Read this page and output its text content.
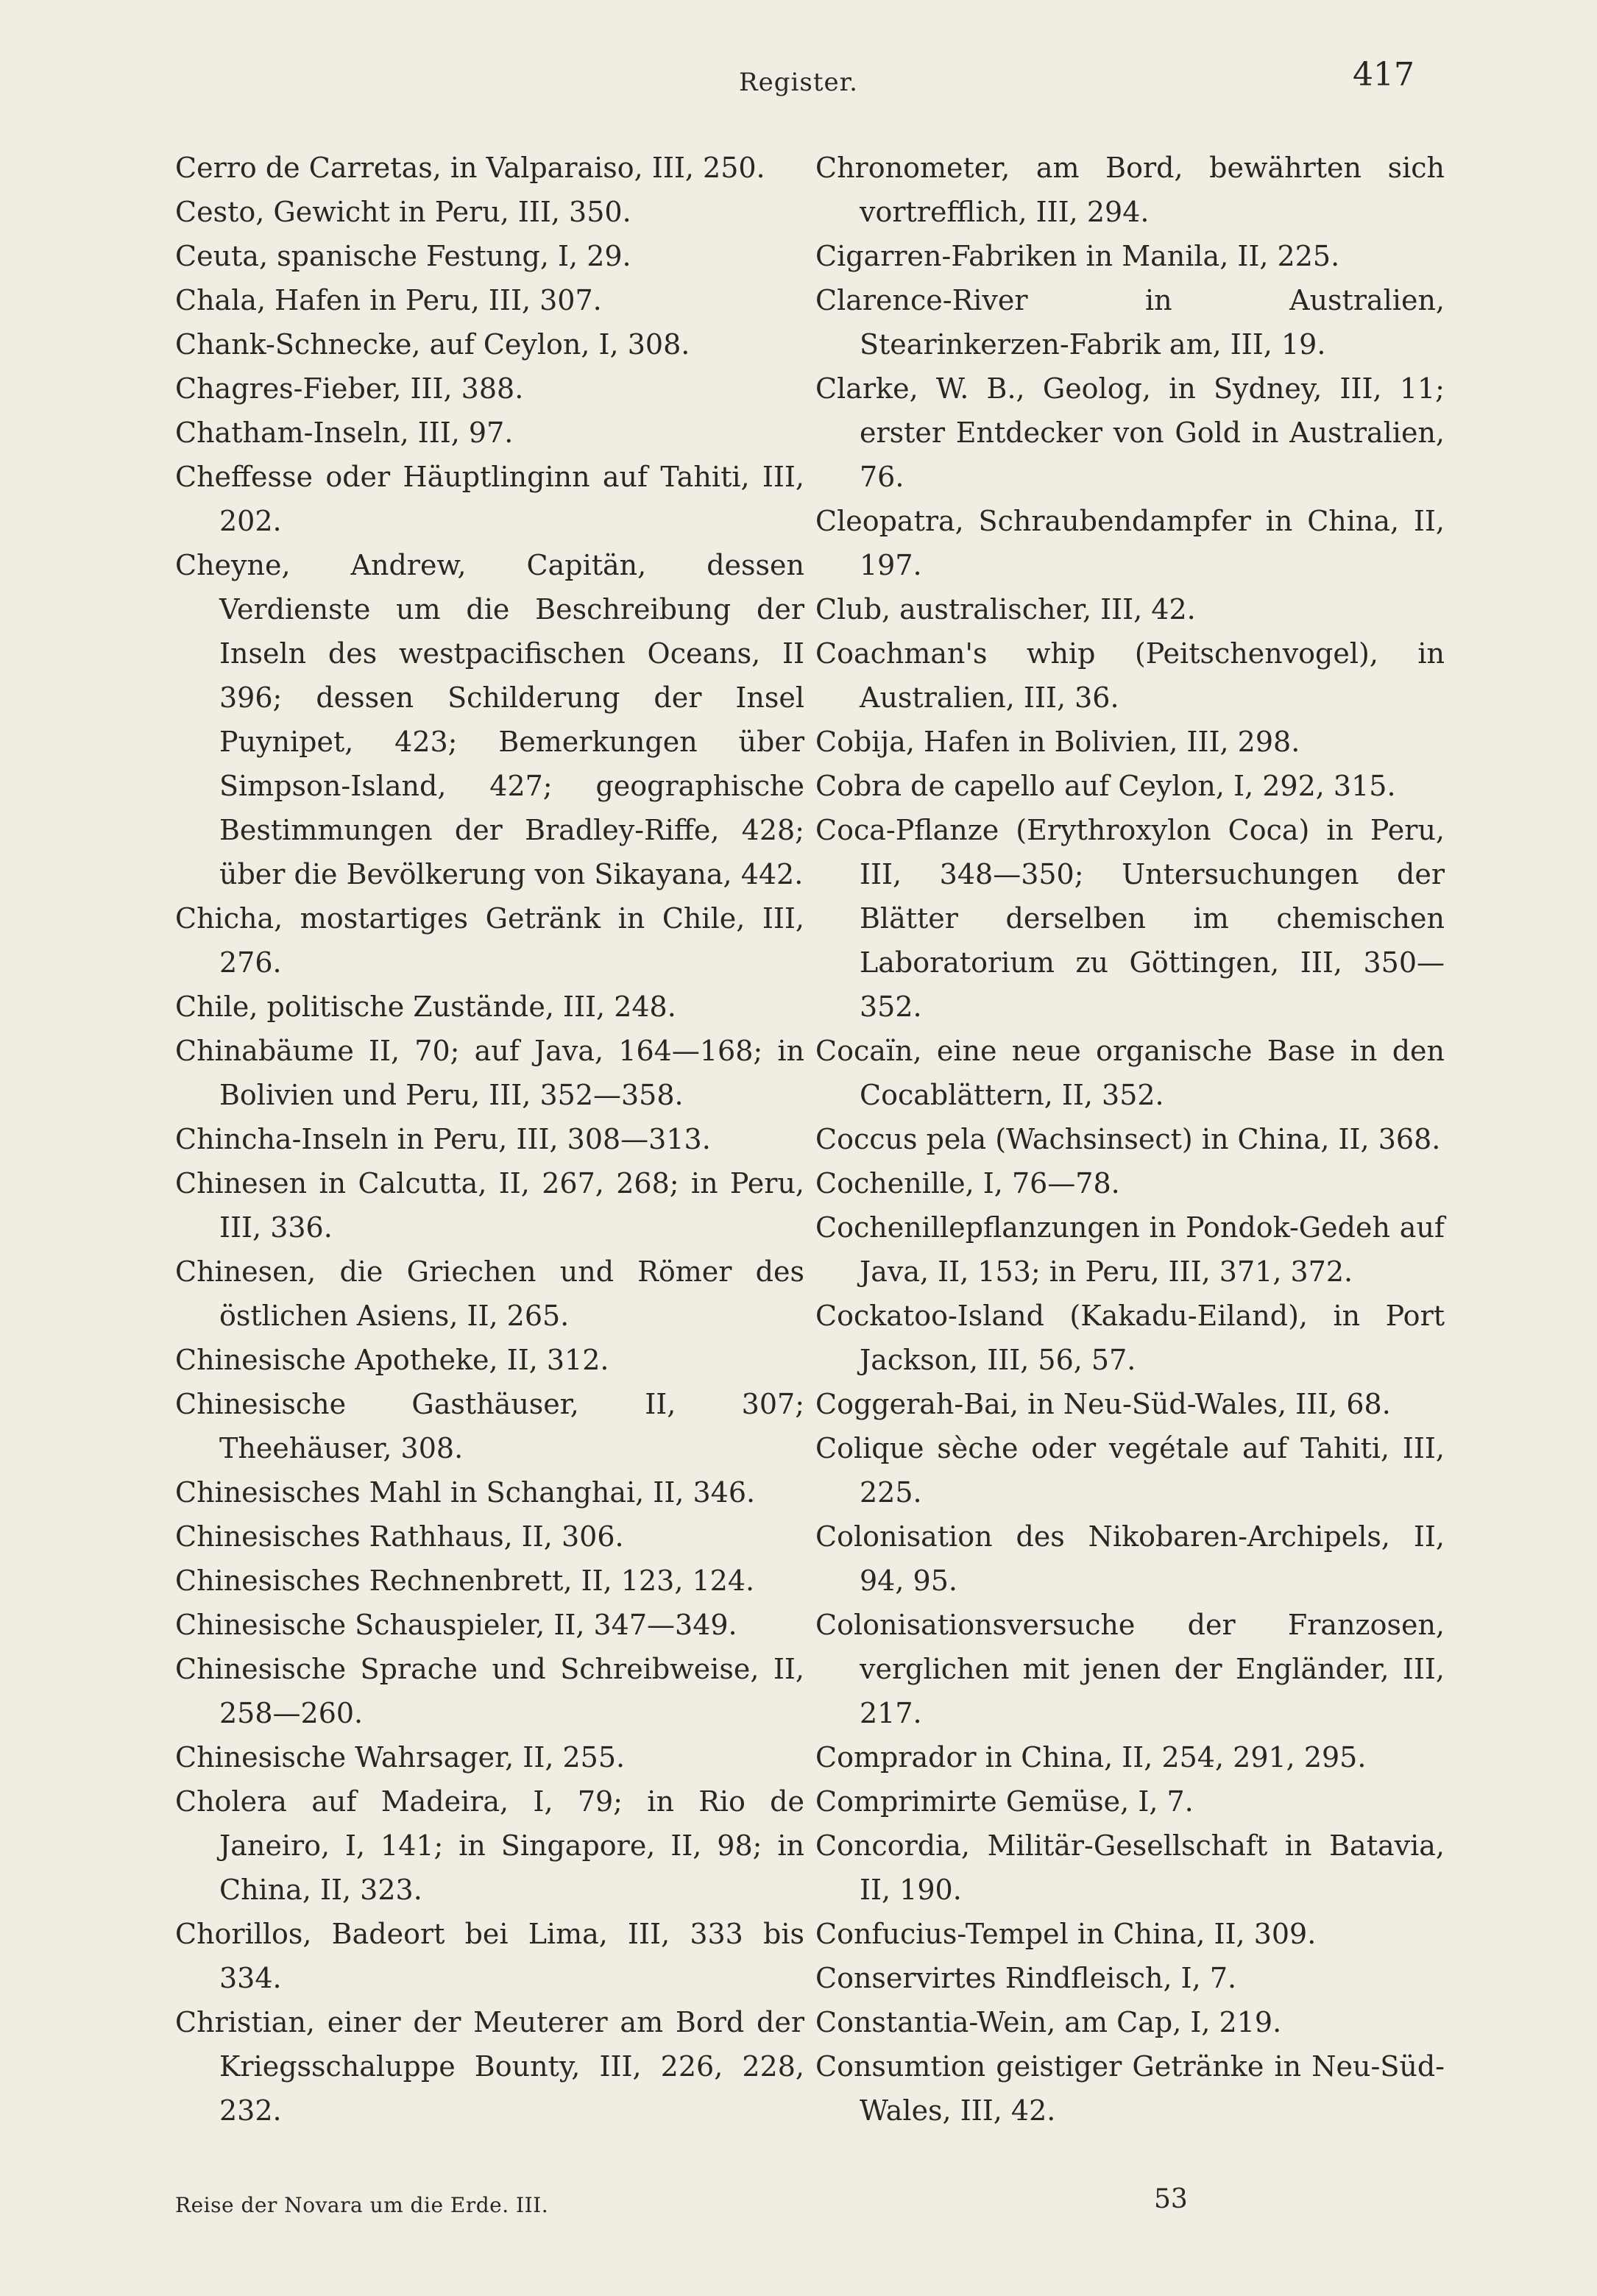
Register.	417

Cerro de Carretas, in Valparaiso, III, 250.

Cesto, Gewicht in Peru, III, 350.

Ceuta, spanische Festung, I, 29.

Chala, Hafen in Peru, III, 307.

Chank-Schnecke, auf Ceylon, I, 308.

Chagres-Fieber, III, 388.

Chatham-Inseln, III, 97.

Cheffesse oder Häuptlinginn auf Tahiti, III, 202.

Cheyne, Andrew, Capitän, dessen Verdienste um die Beschreibung der Inseln des westpacifischen Oceans, II 396; dessen Schilderung der Insel Puynipet, 423; Bemerkungen über Simpson-Island, 427; geographische Bestimmungen der Bradley-Riffe, 428; über die Bevölkerung von Sikayana, 442.

Chicha, mostartiges Getränk in Chile, III, 276.

Chile, politische Zustände, III, 248.

Chinabäume II, 70; auf Java, 164—168; in Bolivien und Peru, III, 352—358.

Chincha-Inseln in Peru, III, 308—313.

Chinesen in Calcutta, II, 267, 268; in Peru, III, 336.

Chinesen, die Griechen und Römer des östlichen Asiens, II, 265.

Chinesische Apotheke, II, 312.

Chinesische Gasthäuser, II, 307; Theehäuser, 308.

Chinesisches Mahl in Schanghai, II, 346.

Chinesisches Rathhaus, II, 306.

Chinesisches Rechnenbrett, II, 123, 124.

Chinesische Schauspieler, II, 347—349.

Chinesische Sprache und Schreibweise, II, 258—260.

Chinesische Wahrsager, II, 255.

Cholera auf Madeira, I, 79; in Rio de Janeiro, I, 141; in Singapore, II, 98; in China, II, 323.

Chorillos, Badeort bei Lima, III, 333 bis 334.

Christian, einer der Meuterer am Bord der Kriegsschaluppe Bounty, III, 226, 228, 232.

Chronometer, am Bord, bewährten sich vortrefflich, III, 294.

Cigarren-Fabriken in Manila, II, 225.

Clarence-River in Australien, Stearinkerzen-Fabrik am, III, 19.

Clarke, W. B., Geolog, in Sydney, III, 11; erster Entdecker von Gold in Australien, 76.

Cleopatra, Schraubendampfer in China, II, 197.

Club, australischer, III, 42.

Coachman's whip (Peitschenvogel), in Australien, III, 36.

Cobija, Hafen in Bolivien, III, 298.

Cobra de capello auf Ceylon, I, 292, 315.

Coca-Pflanze (Erythroxylon Coca) in Peru, III, 348—350; Untersuchungen der Blätter derselben im chemischen Laboratorium zu Göttingen, III, 350—352.

Cocaïn, eine neue organische Base in den Cocablättern, II, 352.

Coccus pela (Wachsinsect) in China, II, 368.

Cochenille, I, 76—78.

Cochenillepflanzungen in Pondok-Gedeh auf Java, II, 153; in Peru, III, 371, 372.

Cockatoo-Island (Kakadu-Eiland), in Port Jackson, III, 56, 57.

Coggerah-Bai, in Neu-Süd-Wales, III, 68.

Colique sèche oder vegétale auf Tahiti, III, 225.

Colonisation des Nikobaren-Archipels, II, 94, 95.

Colonisationsversuche der Franzosen, verglichen mit jenen der Engländer, III, 217.

Comprador in China, II, 254, 291, 295.

Comprimirte Gemüse, I, 7.

Concordia, Militär-Gesellschaft in Batavia, II, 190.

Confucius-Tempel in China, II, 309.

Conservirtes Rindfleisch, I, 7.

Constantia-Wein, am Cap, I, 219.

Consumtion geistiger Getränke in Neu-Süd-Wales, III, 42.

Reise der Novara um die Erde. III.	53
